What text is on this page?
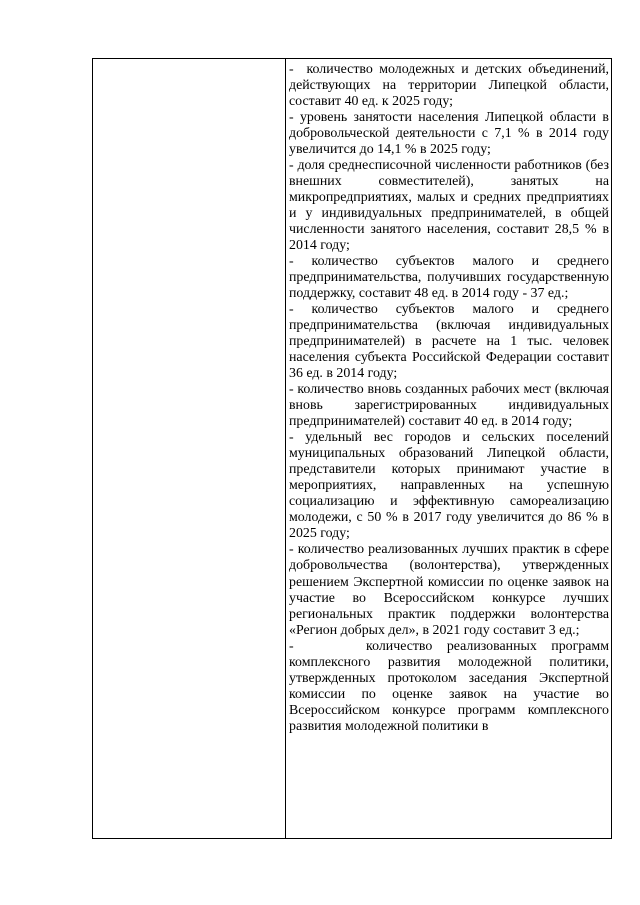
-  количество молодежных и детских объединений, действующих на территории Липецкой области, составит 40 ед. к 2025 году;

- уровень занятости населения Липецкой области в добровольческой деятельности с 7,1 % в 2014 году увеличится до 14,1 % в 2025 году;

- доля среднесписочной численности работников (без внешних совместителей), занятых на микропредприятиях, малых и средних предприятиях и у индивидуальных предпринимателей, в общей численности занятого населения, составит 28,5 % в 2014 году;

- количество субъектов малого и среднего предпринимательства, получивших государственную поддержку, составит 48 ед. в 2014 году - 37 ед.;

- количество субъектов малого и среднего предпринимательства (включая индивидуальных предпринимателей) в расчете на 1 тыс. человек населения субъекта Российской Федерации составит 36 ед. в 2014 году;

- количество вновь созданных рабочих мест (включая вновь зарегистрированных индивидуальных предпринимателей) составит 40 ед. в 2014 году;

- удельный вес городов и сельских поселений муниципальных образований Липецкой области, представители которых принимают участие в мероприятиях, направленных на успешную социализацию и эффективную самореализацию молодежи, с 50 % в 2017 году увеличится до 86 % в 2025 году;

- количество реализованных лучших практик в сфере добровольчества (волонтерства), утвержденных решением Экспертной комиссии по оценке заявок на участие во Всероссийском конкурсе лучших региональных практик поддержки волонтерства «Регион добрых дел», в 2021 году составит 3 ед.;

-     количество реализованных программ комплексного развития молодежной политики, утвержденных протоколом заседания Экспертной комиссии по оценке заявок на участие во Всероссийском конкурсе программ комплексного развития молодежной политики в
